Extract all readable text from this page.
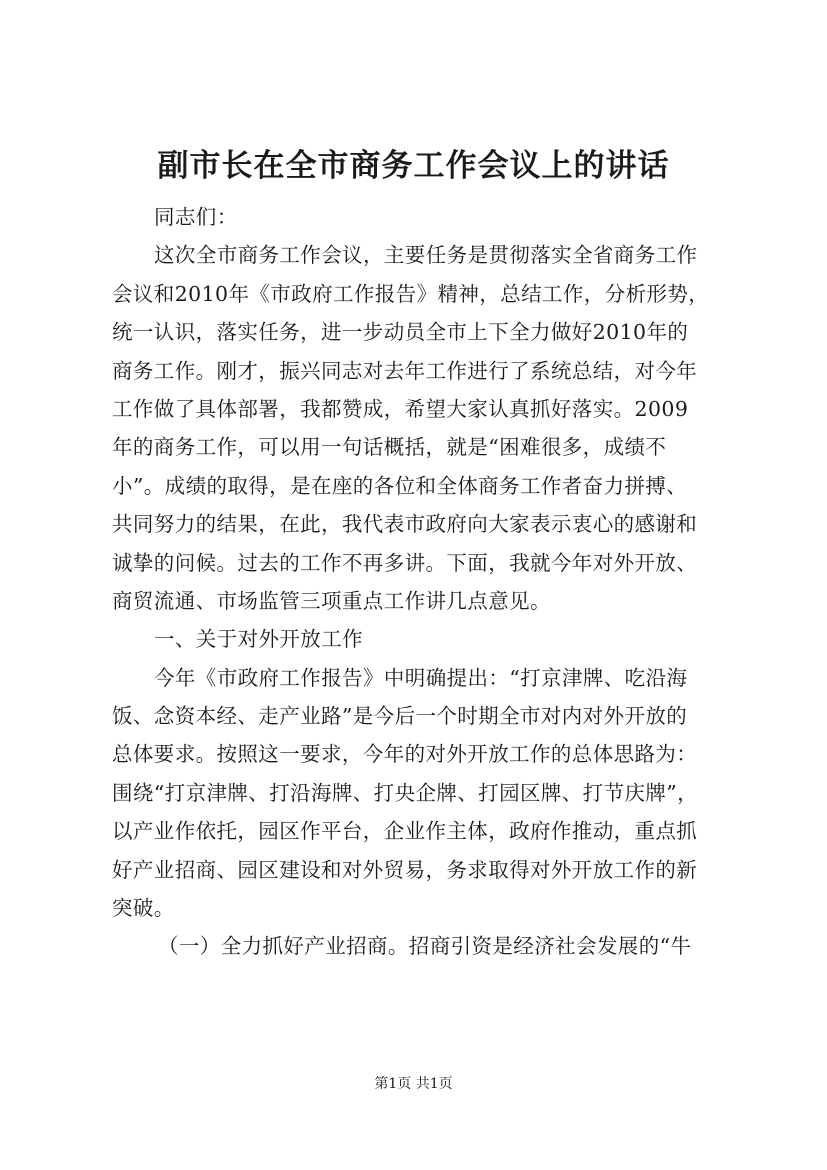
副市长在全市商务工作会议上的讲话
同志们：
这次全市商务工作会议，主要任务是贯彻落实全省商务工作
会议和2010年《市政府工作报告》精神，总结工作，分析形势，
统一认识，落实任务，进一步动员全市上下全力做好2010年的
商务工作。刚才，振兴同志对去年工作进行了系统总结，对今年
工作做了具体部署，我都赞成，希望大家认真抓好落实。2009
年的商务工作，可以用一句话概括，就是“困难很多，成绩不
小”。成绩的取得，是在座的各位和全体商务工作者奋力拼搏、
共同努力的结果，在此，我代表市政府向大家表示衷心的感谢和
诚挚的问候。过去的工作不再多讲。下面，我就今年对外开放、
商贸流通、市场监管三项重点工作讲几点意见。
一、关于对外开放工作
今年《市政府工作报告》中明确提出：“打京津牌、吃沿海
饭、念资本经、走产业路”是今后一个时期全市对内对外开放的
总体要求。按照这一要求，今年的对外开放工作的总体思路为：
围绕“打京津牌、打沿海牌、打央企牌、打园区牌、打节庆牌”，
以产业作依托，园区作平台，企业作主体，政府作推动，重点抓
好产业招商、园区建设和对外贸易，务求取得对外开放工作的新
突破。
（一）全力抓好产业招商。招商引资是经济社会发展的“牛
第1页 共1页
